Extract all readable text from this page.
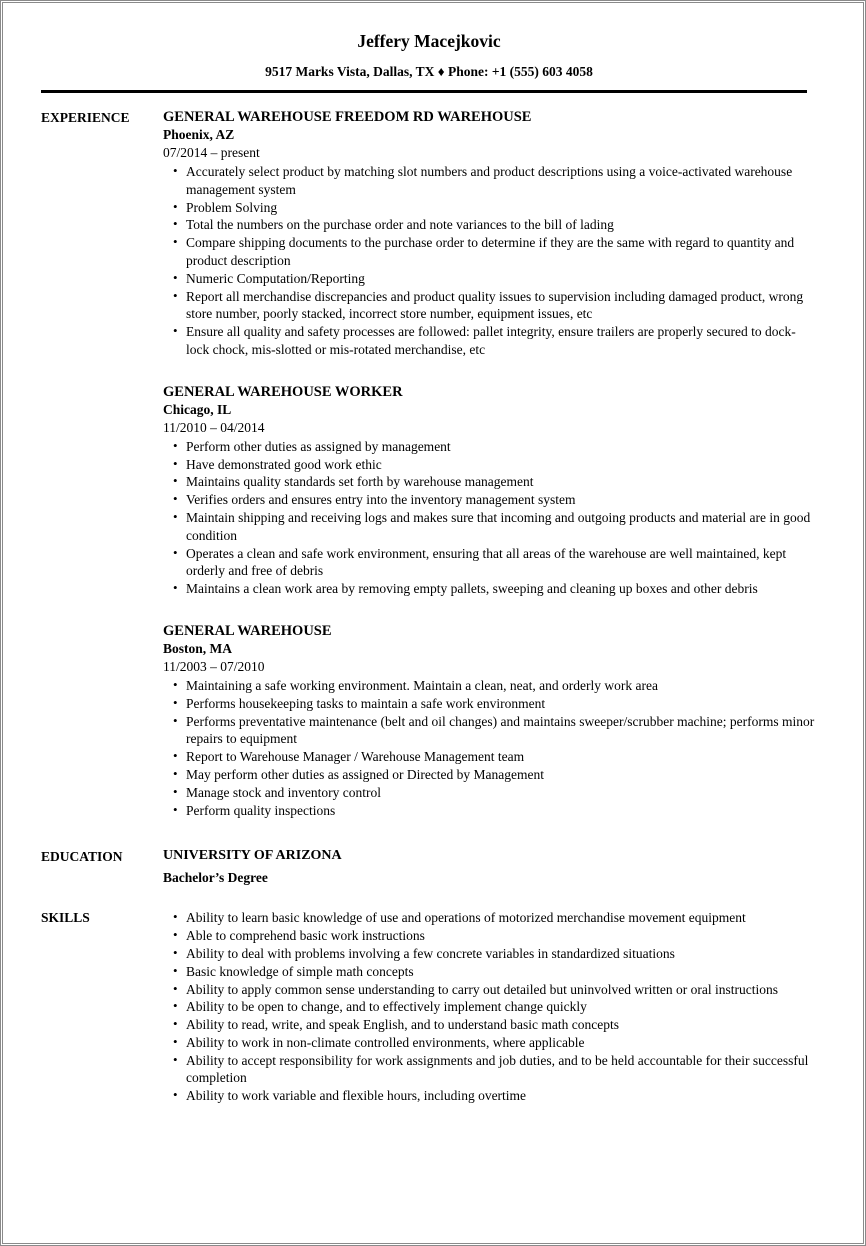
Jeffery Macejkovic
9517 Marks Vista, Dallas, TX ♦ Phone: +1 (555) 603 4058
EXPERIENCE	GENERAL WAREHOUSE FREEDOM RD WAREHOUSE
Phoenix, AZ
07/2014 – present
• Accurately select product by matching slot numbers and product descriptions using a voice-activated warehouse management system
• Problem Solving
• Total the numbers on the purchase order and note variances to the bill of lading
• Compare shipping documents to the purchase order to determine if they are the same with regard to quantity and product description
• Numeric Computation/Reporting
• Report all merchandise discrepancies and product quality issues to supervision including damaged product, wrong store number, poorly stacked, incorrect store number, equipment issues, etc
• Ensure all quality and safety processes are followed: pallet integrity, ensure trailers are properly secured to dock-lock chock, mis-slotted or mis-rotated merchandise, etc
GENERAL WAREHOUSE WORKER
Chicago, IL
11/2010 – 04/2014
• Perform other duties as assigned by management
• Have demonstrated good work ethic
• Maintains quality standards set forth by warehouse management
• Verifies orders and ensures entry into the inventory management system
• Maintain shipping and receiving logs and makes sure that incoming and outgoing products and material are in good condition
• Operates a clean and safe work environment, ensuring that all areas of the warehouse are well maintained, kept orderly and free of debris
• Maintains a clean work area by removing empty pallets, sweeping and cleaning up boxes and other debris
GENERAL WAREHOUSE
Boston, MA
11/2003 – 07/2010
• Maintaining a safe working environment. Maintain a clean, neat, and orderly work area
• Performs housekeeping tasks to maintain a safe work environment
• Performs preventative maintenance (belt and oil changes) and maintains sweeper/scrubber machine; performs minor repairs to equipment
• Report to Warehouse Manager / Warehouse Management team
• May perform other duties as assigned or Directed by Management
• Manage stock and inventory control
• Perform quality inspections
EDUCATION	UNIVERSITY OF ARIZONA
Bachelor’s Degree
SKILLS	• Ability to learn basic knowledge of use and operations of motorized merchandise movement equipment
• Able to comprehend basic work instructions
• Ability to deal with problems involving a few concrete variables in standardized situations
• Basic knowledge of simple math concepts
• Ability to apply common sense understanding to carry out detailed but uninvolved written or oral instructions
• Ability to be open to change, and to effectively implement change quickly
• Ability to read, write, and speak English, and to understand basic math concepts
• Ability to work in non-climate controlled environments, where applicable
• Ability to accept responsibility for work assignments and job duties, and to be held accountable for their successful completion
• Ability to work variable and flexible hours, including overtime
